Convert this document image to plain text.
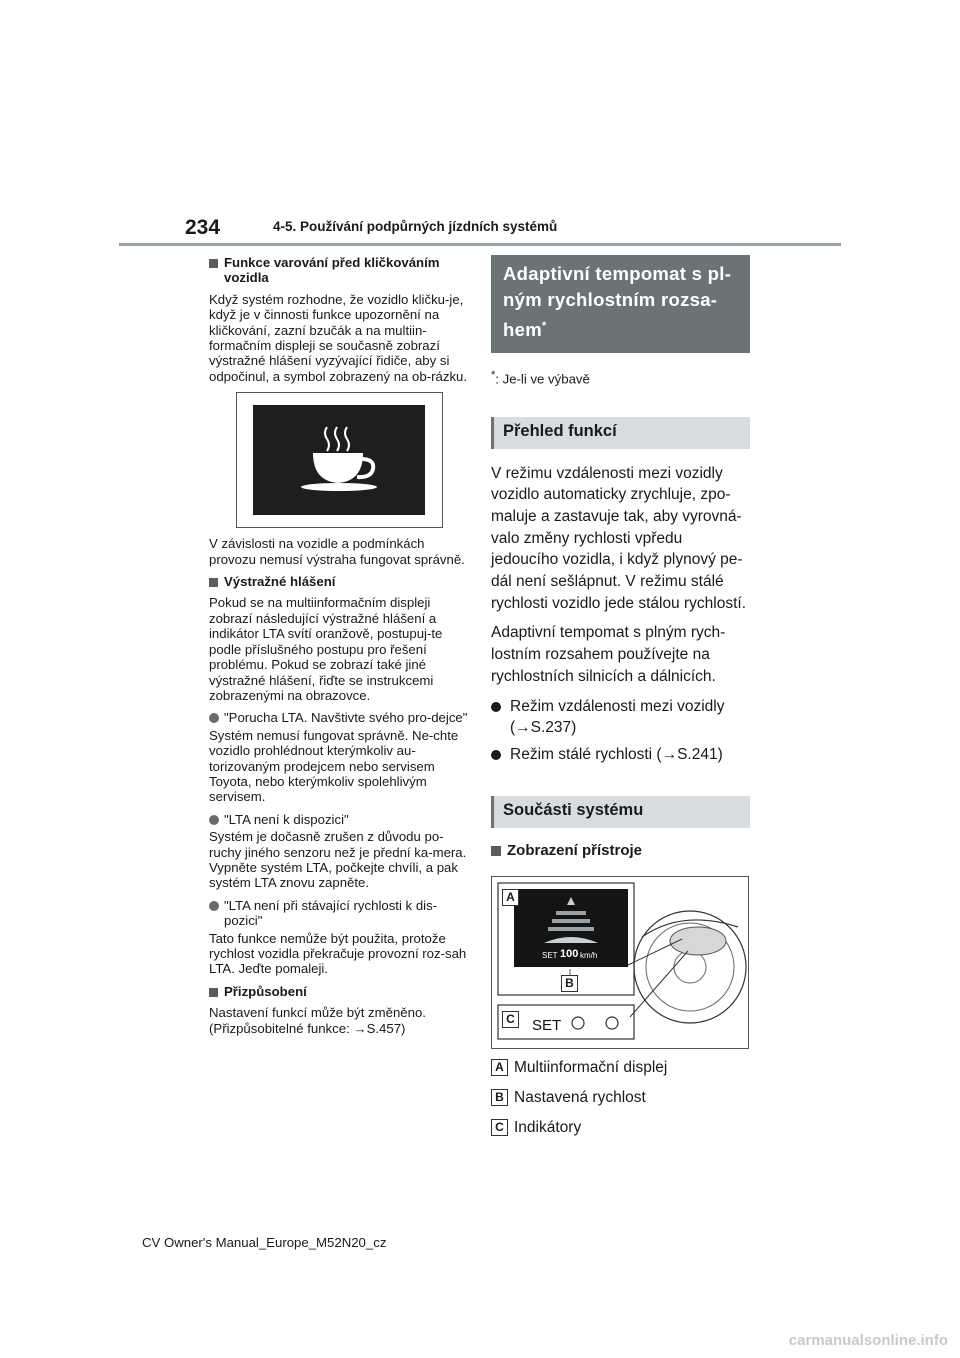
234	4-5. Používání podpůrných jízdních systémů
Funkce varování před kličkováním vozidla

Když systém rozhodne, že vozidlo kličku-je, když je v činnosti funkce upozornění na kličkování, zazní bzučák a na multiin-formačním displeji se současně zobrazí výstražné hlášení vyzývající řidiče, aby si odpočinul, a symbol zobrazený na ob-rázku.

V závislosti na vozidle a podmínkách provozu nemusí výstraha fungovat správně.

Výstražné hlášení

Pokud se na multiinformačním displeji zobrazí následující výstražné hlášení a indikátor LTA svítí oranžově, postupuj-te podle příslušného postupu pro řešení problému. Pokud se zobrazí také jiné výstražné hlášení, řiďte se instrukcemi zobrazenými na obrazovce.

"Porucha LTA. Navštivte svého pro-dejce"

Systém nemusí fungovat správně. Ne-chte vozidlo prohlédnout kterýmkoliv au-torizovaným prodejcem nebo servisem Toyota, nebo kterýmkoliv spolehlivým servisem.

"LTA není k dispozici"

Systém je dočasně zrušen z důvodu po-ruchy jiného senzoru než je přední ka-mera. Vypněte systém LTA, počkejte chvíli, a pak systém LTA znovu zapněte.

"LTA není při stávající rychlosti k dis-pozici"

Tato funkce nemůže být použita, protože rychlost vozidla překračuje provozní roz-sah LTA. Jeďte pomaleji.

Přizpůsobení

Nastavení funkcí může být změněno. (Přizpůsobitelné funkce: →S.457)

Adaptivní tempomat s pl-ným rychlostním rozsa-hem*
*: Je-li ve výbavě
Přehled funkcí

V režimu vzdálenosti mezi vozidly vozidlo automaticky zrychluje, zpo-maluje a zastavuje tak, aby vyrovná-valo změny rychlosti vpředu jedoucího vozidla, i když plynový pe-dál není sešlápnut. V režimu stálé rychlosti vozidlo jede stálou rychlostí.

Adaptivní tempomat s plným rych-lostním rozsahem používejte na rychlostních silnicích a dálnicích.

Režim vzdálenosti mezi vozidly (→S.237)
Režim stálé rychlosti (→S.241)
Součásti systému
Zobrazení přístroje
A
SET 100 km/h
B
C SET
A Multiinformační displej
B Nastavená rychlost
C Indikátory
CV Owner's Manual_Europe_M52N20_cz
carmanualsonline.info
